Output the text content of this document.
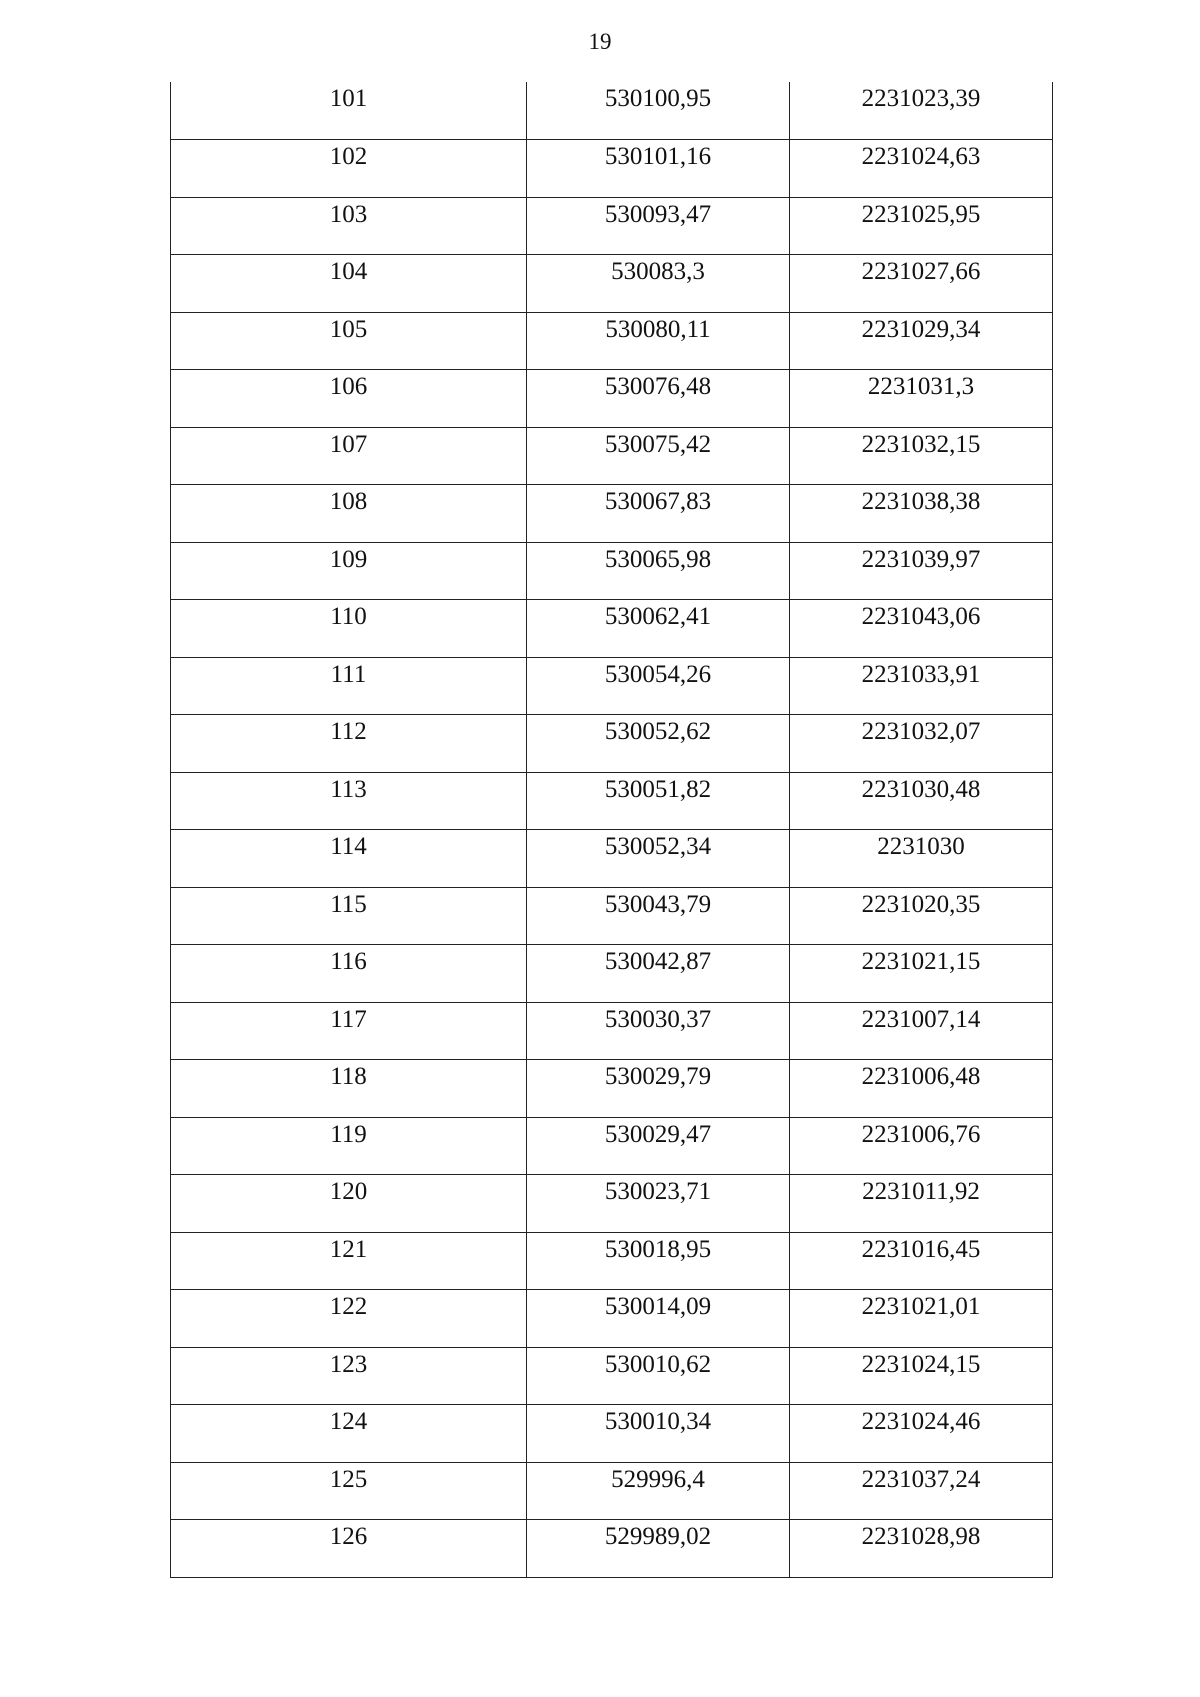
19
101	530100,95	2231023,39
102	530101,16	2231024,63
103	530093,47	2231025,95
104	530083,3	2231027,66
105	530080,11	2231029,34
106	530076,48	2231031,3
107	530075,42	2231032,15
108	530067,83	2231038,38
109	530065,98	2231039,97
110	530062,41	2231043,06
111	530054,26	2231033,91
112	530052,62	2231032,07
113	530051,82	2231030,48
114	530052,34	2231030
115	530043,79	2231020,35
116	530042,87	2231021,15
117	530030,37	2231007,14
118	530029,79	2231006,48
119	530029,47	2231006,76
120	530023,71	2231011,92
121	530018,95	2231016,45
122	530014,09	2231021,01
123	530010,62	2231024,15
124	530010,34	2231024,46
125	529996,4	2231037,24
126	529989,02	2231028,98
